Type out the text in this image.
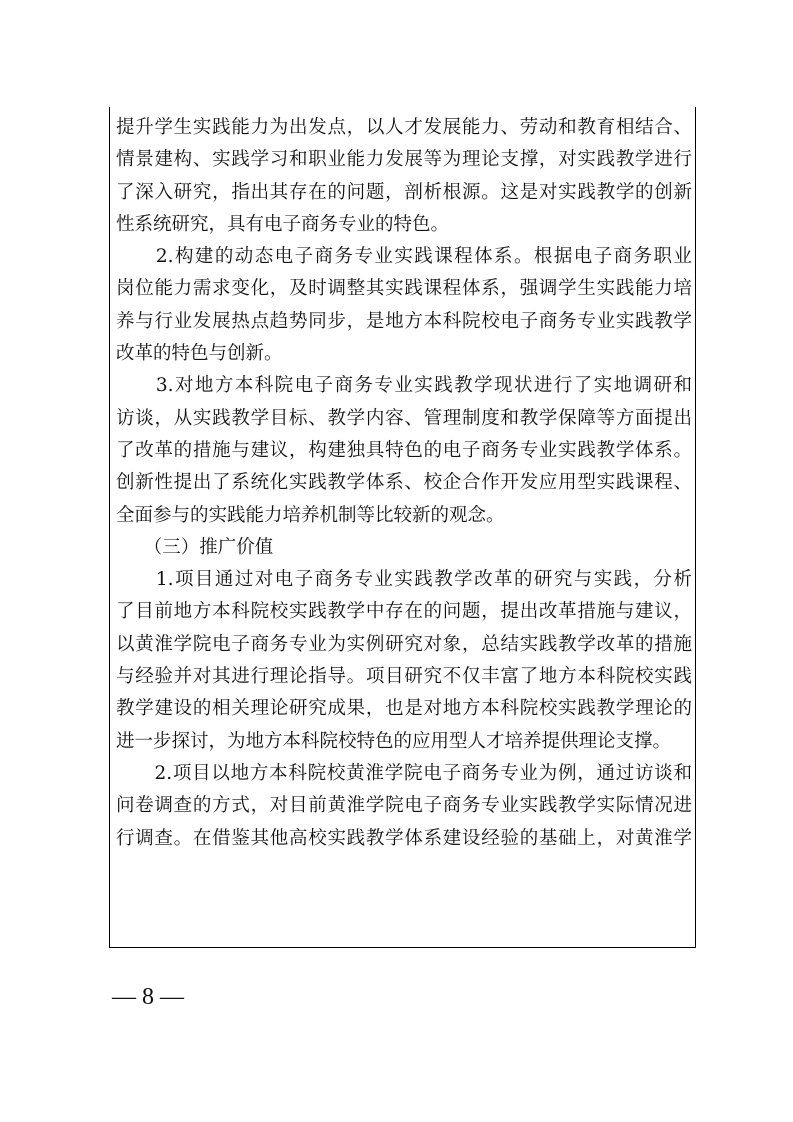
提升学生实践能力为出发点，以人才发展能力、劳动和教育相结合、
情景建构、实践学习和职业能力发展等为理论支撑，对实践教学进行
了深入研究，指出其存在的问题，剖析根源。这是对实践教学的创新
性系统研究，具有电子商务专业的特色。
　　2.构建的动态电子商务专业实践课程体系。根据电子商务职业
岗位能力需求变化，及时调整其实践课程体系，强调学生实践能力培
养与行业发展热点趋势同步，是地方本科院校电子商务专业实践教学
改革的特色与创新。
　　3.对地方本科院电子商务专业实践教学现状进行了实地调研和
访谈，从实践教学目标、教学内容、管理制度和教学保障等方面提出
了改革的措施与建议，构建独具特色的电子商务专业实践教学体系。
创新性提出了系统化实践教学体系、校企合作开发应用型实践课程、
全面参与的实践能力培养机制等比较新的观念。
　　（三）推广价值
　　1.项目通过对电子商务专业实践教学改革的研究与实践，分析
了目前地方本科院校实践教学中存在的问题，提出改革措施与建议，
以黄淮学院电子商务专业为实例研究对象，总结实践教学改革的措施
与经验并对其进行理论指导。项目研究不仅丰富了地方本科院校实践
教学建设的相关理论研究成果，也是对地方本科院校实践教学理论的
进一步探讨，为地方本科院校特色的应用型人才培养提供理论支撑。
　　2.项目以地方本科院校黄淮学院电子商务专业为例，通过访谈和
问卷调查的方式，对目前黄淮学院电子商务专业实践教学实际情况进
行调查。在借鉴其他高校实践教学体系建设经验的基础上，对黄淮学
— 8 —
